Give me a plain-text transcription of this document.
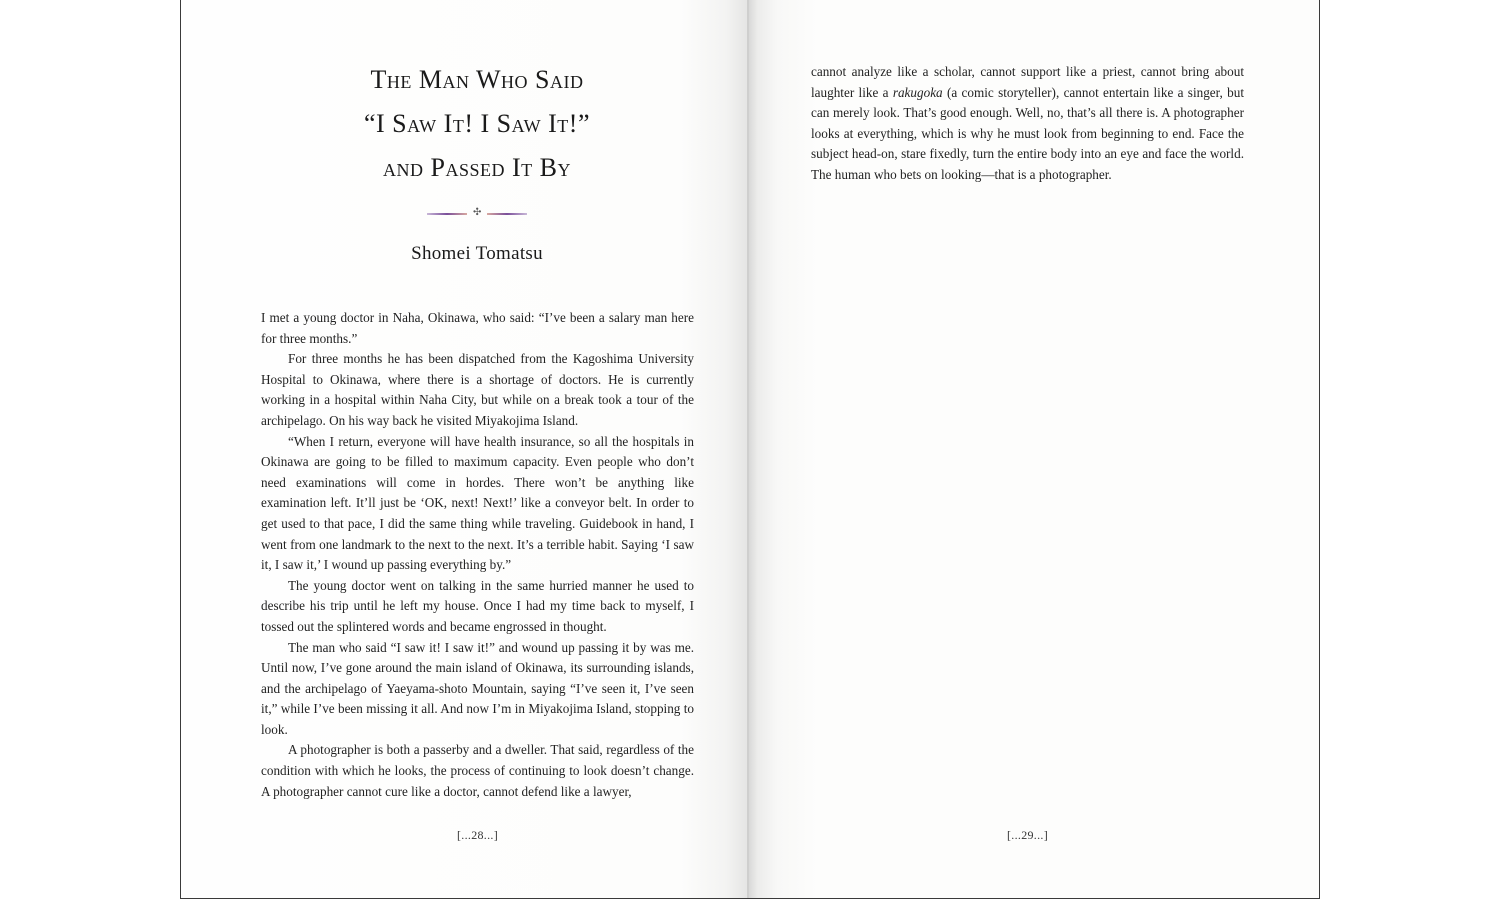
The Man Who Said
“I Saw It! I Saw It!”
and Passed It By
✣
Shomei Tomatsu

I met a young doctor in Naha, Okinawa, who said: “I’ve been a salary man here for three months.”

For three months he has been dispatched from the Kagoshima University Hospital to Okinawa, where there is a shortage of doctors. He is currently working in a hospital within Naha City, but while on a break took a tour of the archipelago. On his way back he visited Miyakojima Island.

“When I return, everyone will have health insurance, so all the hospitals in Okinawa are going to be filled to maximum capacity. Even people who don’t need examinations will come in hordes. There won’t be anything like examination left. It’ll just be ‘OK, next! Next!’ like a conveyor belt. In order to get used to that pace, I did the same thing while traveling. Guidebook in hand, I went from one landmark to the next to the next. It’s a terrible habit. Saying ‘I saw it, I saw it,’ I wound up passing everything by.”

The young doctor went on talking in the same hurried manner he used to describe his trip until he left my house. Once I had my time back to myself, I tossed out the splintered words and became engrossed in thought.

The man who said “I saw it! I saw it!” and wound up passing it by was me. Until now, I’ve gone around the main island of Okinawa, its surrounding islands, and the archipelago of Yaeyama-shoto Mountain, saying “I’ve seen it, I’ve seen it,” while I’ve been missing it all. And now I’m in Miyakojima Island, stopping to look.

A photographer is both a passerby and a dweller. That said, regardless of the condition with which he looks, the process of continuing to look doesn’t change. A photographer cannot cure like a doctor, cannot defend like a lawyer,

[...28...]

cannot analyze like a scholar, cannot support like a priest, cannot bring about laughter like a rakugoka (a comic storyteller), cannot entertain like a singer, but can merely look. That’s good enough. Well, no, that’s all there is. A photographer looks at everything, which is why he must look from beginning to end. Face the subject head-on, stare fixedly, turn the entire body into an eye and face the world. The human who bets on looking—that is a photographer.

[...29...]
